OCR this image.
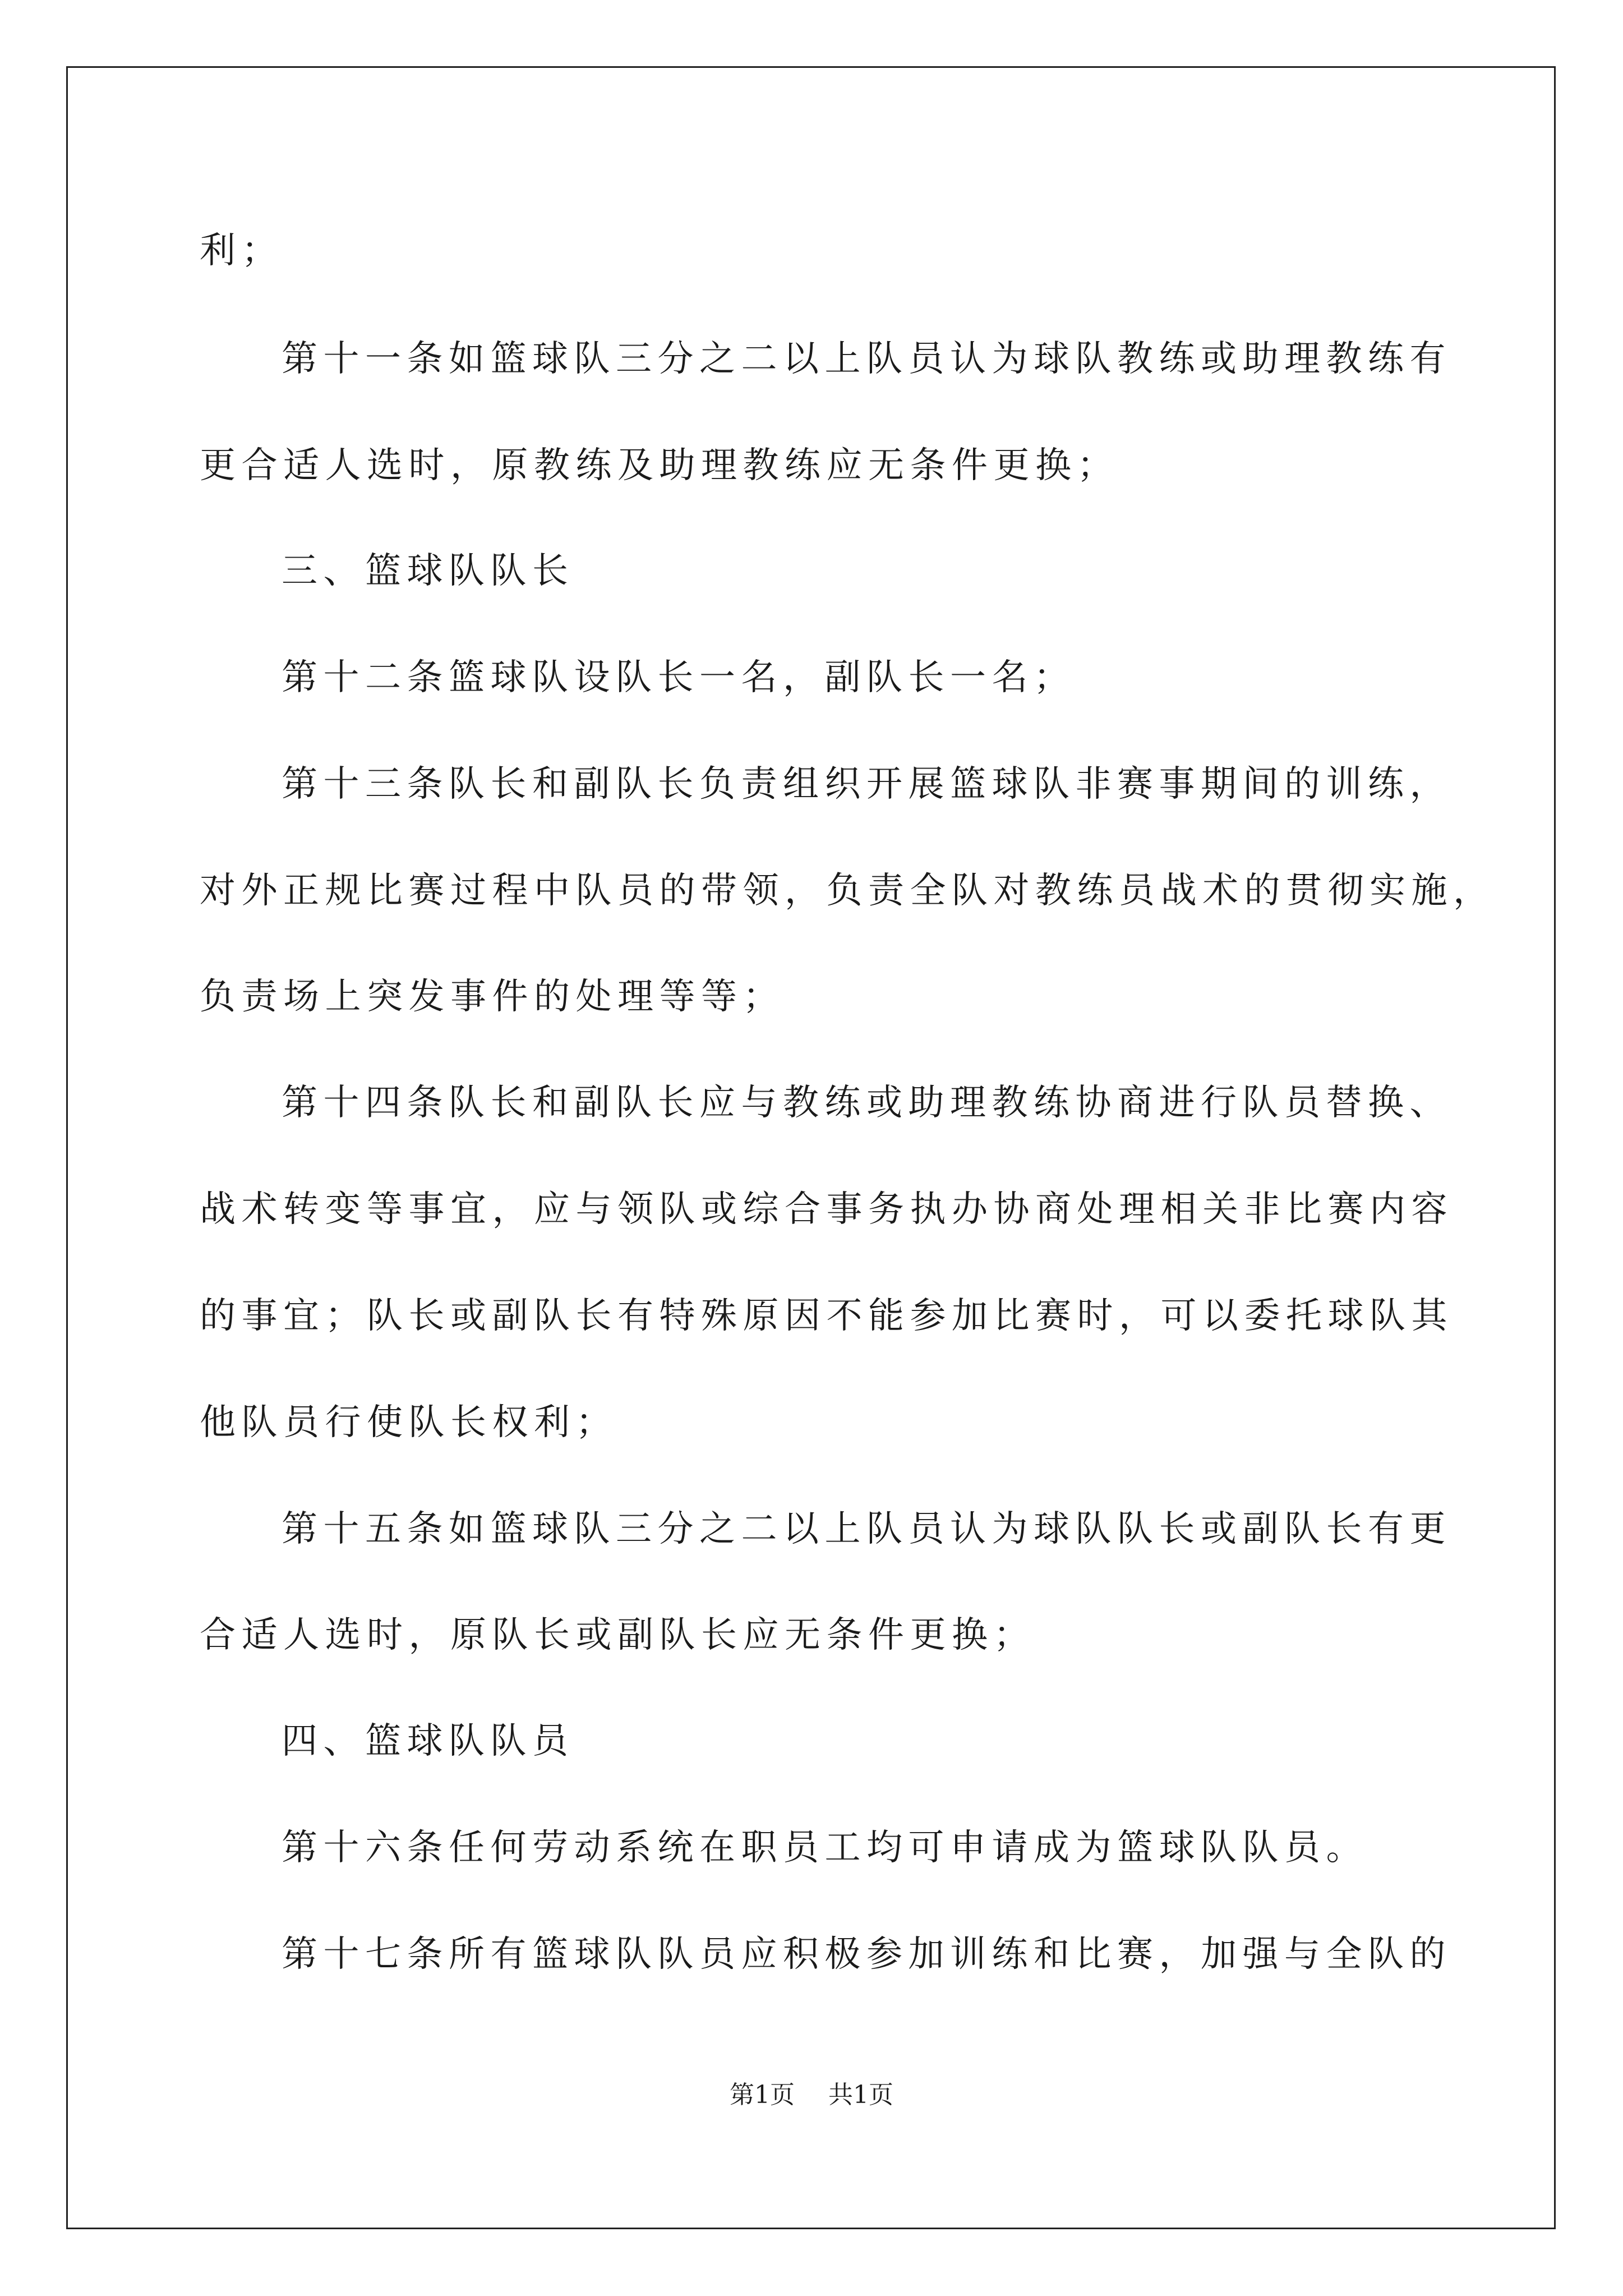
利；
第十一条如篮球队三分之二以上队员认为球队教练或助理教练有
更合适人选时，原教练及助理教练应无条件更换；
三、篮球队队长
第十二条篮球队设队长一名，副队长一名；
第十三条队长和副队长负责组织开展篮球队非赛事期间的训练，
对外正规比赛过程中队员的带领，负责全队对教练员战术的贯彻实施，
负责场上突发事件的处理等等；
第十四条队长和副队长应与教练或助理教练协商进行队员替换、
战术转变等事宜，应与领队或综合事务执办协商处理相关非比赛内容
的事宜；队长或副队长有特殊原因不能参加比赛时，可以委托球队其
他队员行使队长权利；
第十五条如篮球队三分之二以上队员认为球队队长或副队长有更
合适人选时，原队长或副队长应无条件更换；
四、篮球队队员
第十六条任何劳动系统在职员工均可申请成为篮球队队员。
第十七条所有篮球队队员应积极参加训练和比赛，加强与全队的
第1页 共1页
